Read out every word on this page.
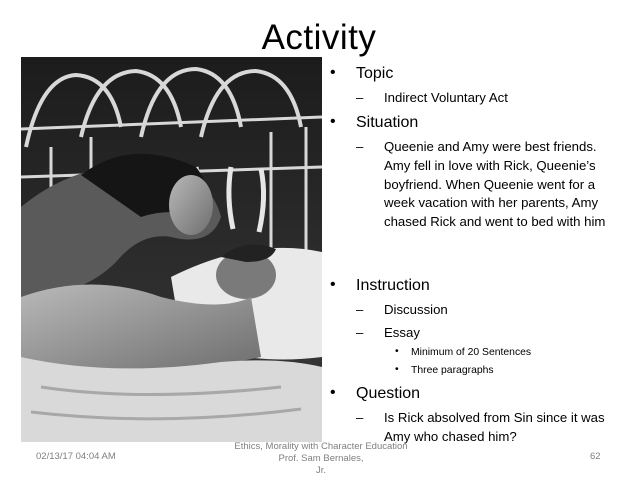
Activity
• Topic
– Indirect Voluntary Act
• Situation
– Queenie and Amy were best friends. Amy fell in love with Rick, Queenie’s boyfriend. When Queenie went for a week vacation with her parents, Amy chased Rick and went to bed with him
• Instruction
– Discussion
– Essay
• Minimum of 20 Sentences
• Three paragraphs
• Question
– Is Rick absolved from Sin since it was Amy who chased him?
02/13/17 04:04 AM
Ethics, Morality with Character Education
Prof. Sam Bernales,
Jr.
62
